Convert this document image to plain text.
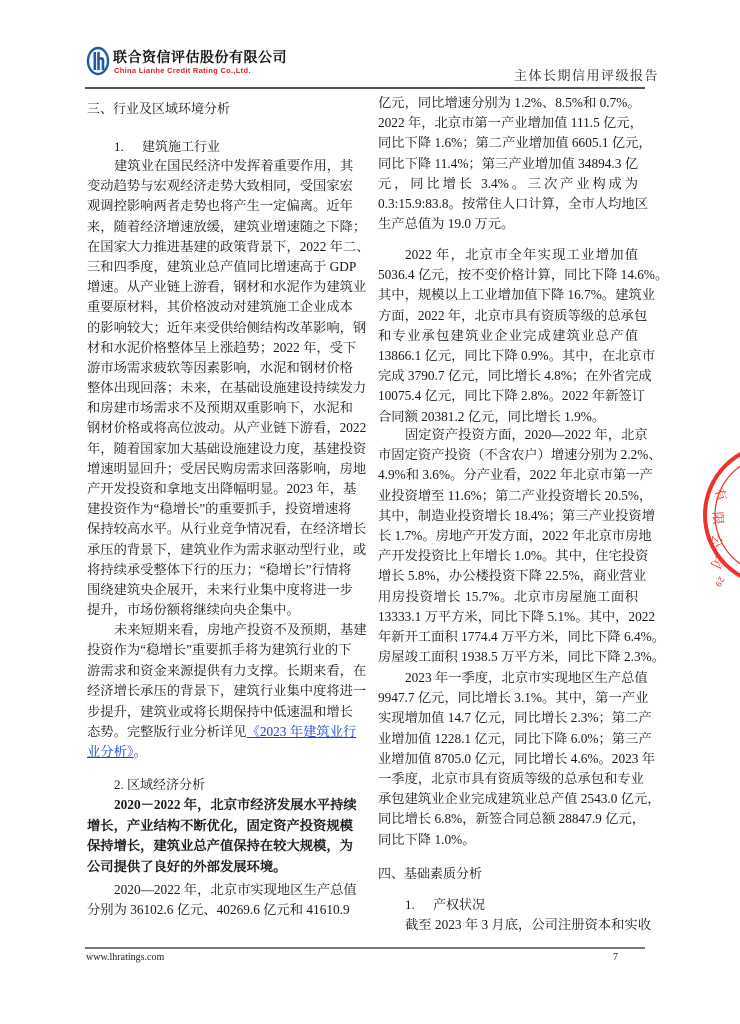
联合资信评估股份有限公司
China Lianhe Credit Rating Co.,Ltd.	主体长期信用评级报告
三、行业及区域环境分析
1. 建筑施工行业
建筑业在国民经济中发挥着重要作用，其
变动趋势与宏观经济走势大致相同，受国家宏
观调控影响两者走势也将产生一定偏离。近年
来，随着经济增速放缓，建筑业增速随之下降；
在国家大力推进基建的政策背景下，2022 年二、
三和四季度，建筑业总产值同比增速高于 GDP
增速。从产业链上游看，钢材和水泥作为建筑业
重要原材料，其价格波动对建筑施工企业成本
的影响较大；近年来受供给侧结构改革影响，钢
材和水泥价格整体呈上涨趋势；2022 年，受下
游市场需求疲软等因素影响，水泥和钢材价格
整体出现回落；未来，在基础设施建设持续发力
和房建市场需求不及预期双重影响下，水泥和
钢材价格或将高位波动。从产业链下游看，2022
年，随着国家加大基础设施建设力度，基建投资
增速明显回升；受居民购房需求回落影响，房地
产开发投资和拿地支出降幅明显。2023 年，基
建投资作为“稳增长”的重要抓手，投资增速将
保持较高水平。从行业竞争情况看，在经济增长
承压的背景下，建筑业作为需求驱动型行业，或
将持续承受整体下行的压力；“稳增长”行情将
围绕建筑央企展开，未来行业集中度将进一步
提升，市场份额将继续向央企集中。
未来短期来看，房地产投资不及预期，基建
投资作为“稳增长”重要抓手将为建筑行业的下
游需求和资金来源提供有力支撑。长期来看，在
经济增长承压的背景下，建筑行业集中度将进一
步提升，建筑业或将长期保持中低速温和增长
态势。完整版行业分析详见《2023 年建筑业行
业分析》。
2. 区域经济分析
2020－2022 年，北京市经济发展水平持续
增长，产业结构不断优化，固定资产投资规模
保持增长，建筑业总产值保持在较大规模，为
公司提供了良好的外部发展环境。
2020—2022 年，北京市实现地区生产总值
分别为 36102.6 亿元、40269.6 亿元和 41610.9
亿元，同比增速分别为 1.2%、8.5%和 0.7%。
2022 年，北京市第一产业增加值 111.5 亿元，
同比下降 1.6%；第二产业增加值 6605.1 亿元，
同比下降 11.4%；第三产业增加值 34894.3 亿
元，同比增长 3.4%。三次产业构成为
0.3:15.9:83.8。按常住人口计算，全市人均地区
生产总值为 19.0 万元。
2022 年，北京市全年实现工业增加值
5036.4 亿元，按不变价格计算，同比下降 14.6%。
其中，规模以上工业增加值下降 16.7%。建筑业
方面，2022 年，北京市具有资质等级的总承包
和专业承包建筑业企业完成建筑业总产值
13866.1 亿元，同比下降 0.9%。其中，在北京市
完成 3790.7 亿元，同比增长 4.8%；在外省完成
10075.4 亿元，同比下降 2.8%。2022 年新签订
合同额 20381.2 亿元，同比增长 1.9%。
固定资产投资方面，2020—2022 年，北京
市固定资产投资（不含农户）增速分别为 2.2%、
4.9%和 3.6%。分产业看，2022 年北京市第一产
业投资增至 11.6%；第二产业投资增长 20.5%，
其中，制造业投资增长 18.4%；第三产业投资增
长 1.7%。房地产开发方面，2022 年北京市房地
产开发投资比上年增长 1.0%。其中，住宅投资
增长 5.8%，办公楼投资下降 22.5%，商业营业
用房投资增长 15.7%。北京市房屋施工面积
13333.1 万平方米，同比下降 5.1%。其中，2022
年新开工面积 1774.4 万平方米，同比下降 6.4%。
房屋竣工面积 1938.5 万平方米，同比下降 2.3%。
2023 年一季度，北京市实现地区生产总值
9947.7 亿元，同比增长 3.1%。其中，第一产业
实现增加值 14.7 亿元，同比增长 2.3%；第二产
业增加值 1228.1 亿元，同比下降 6.0%；第三产
业增加值 8705.0 亿元，同比增长 4.6%。2023 年
一季度，北京市具有资质等级的总承包和专业
承包建筑业企业完成建筑业总产值 2543.0 亿元，
同比增长 6.8%，新签合同总额 28847.9 亿元，
同比下降 1.0%。
四、基础素质分析
1. 产权状况
截至 2023 年 3 月底，公司注册资本和实收
有
限
公
司
29
www.lhratings.com	7
